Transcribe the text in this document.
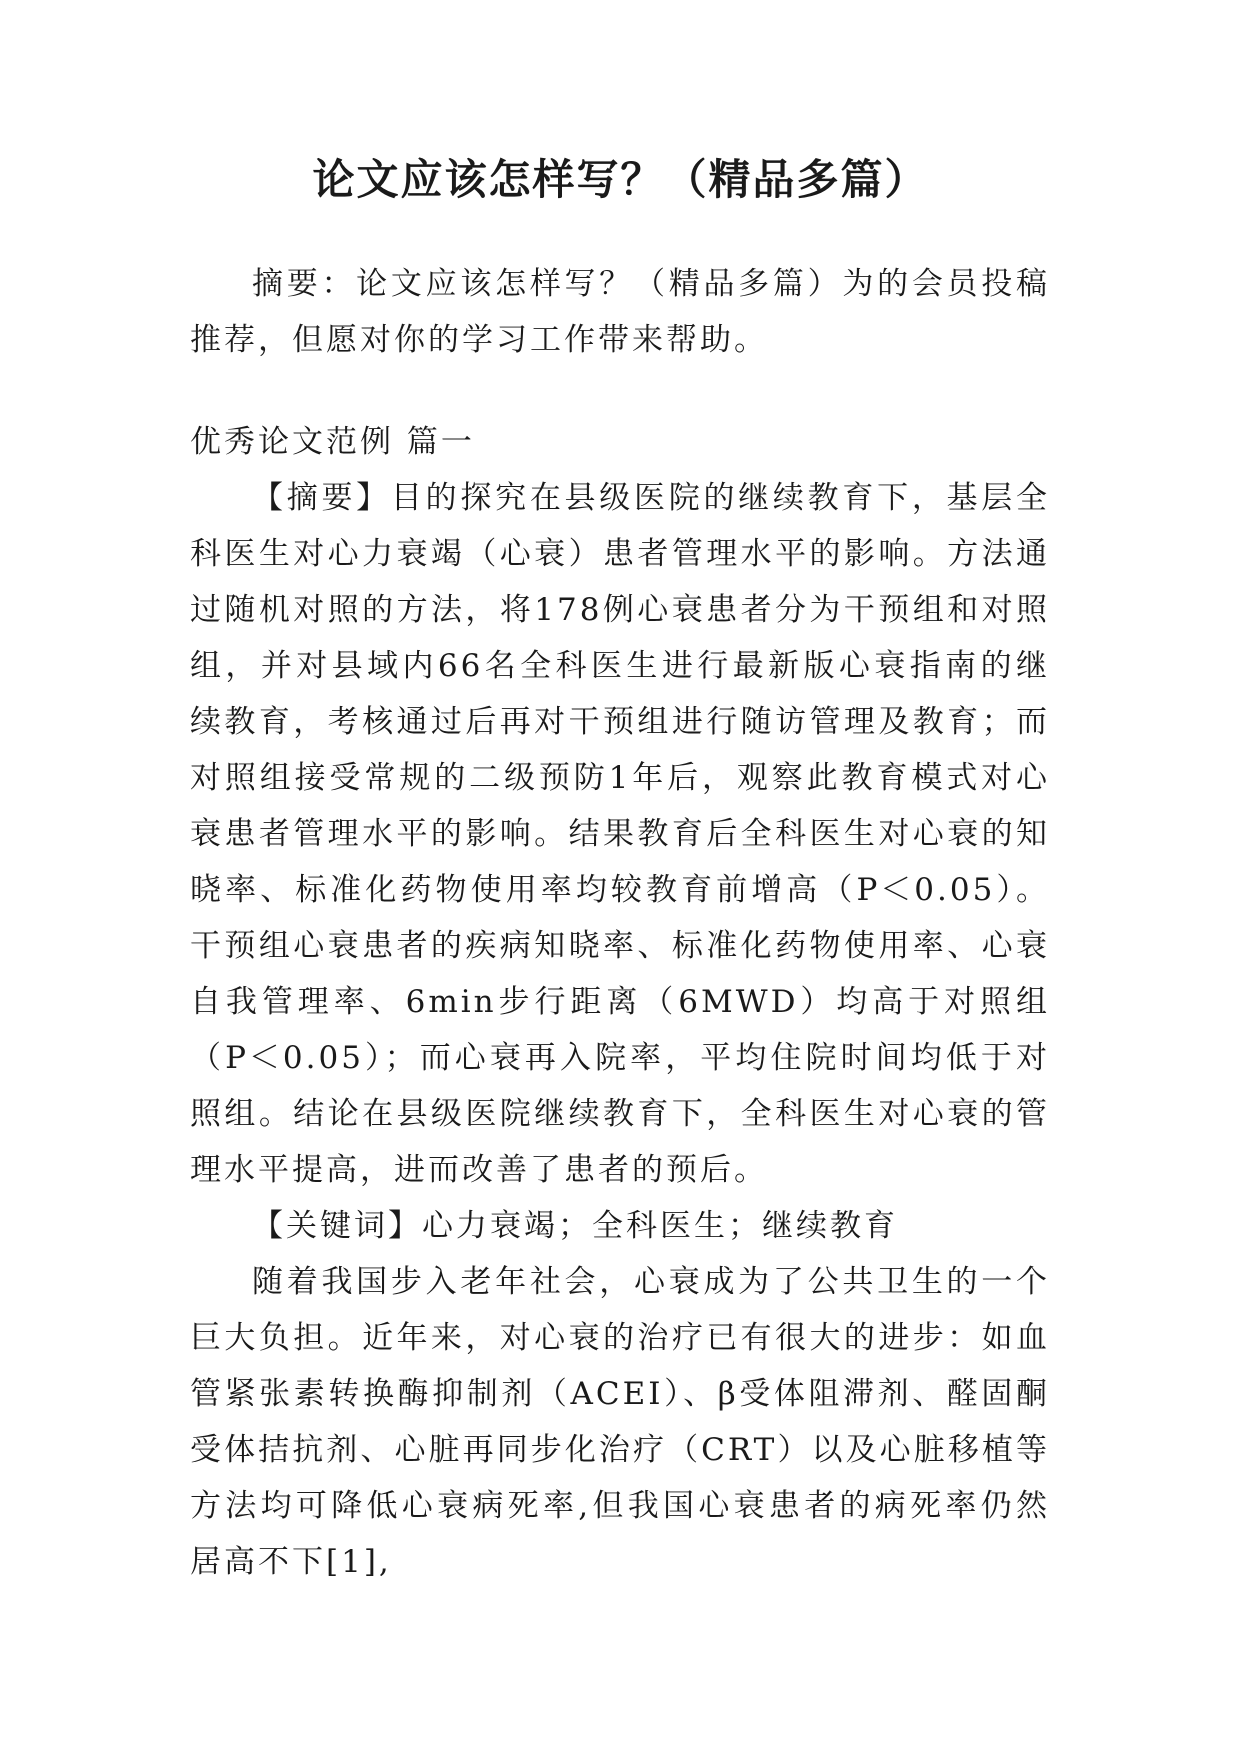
论文应该怎样写？（精品多篇）

摘要：论文应该怎样写？（精品多篇）为的会员投稿推荐，但愿对你的学习工作带来帮助。

优秀论文范例 篇一

【摘要】目的探究在县级医院的继续教育下，基层全科医生对心力衰竭（心衰）患者管理水平的影响。方法通过随机对照的方法，将178例心衰患者分为干预组和对照组，并对县域内66名全科医生进行最新版心衰指南的继续教育，考核通过后再对干预组进行随访管理及教育；而对照组接受常规的二级预防1年后，观察此教育模式对心衰患者管理水平的影响。结果教育后全科医生对心衰的知晓率、标准化药物使用率均较教育前增高（P＜0.05）。干预组心衰患者的疾病知晓率、标准化药物使用率、心衰自我管理率、6min步行距离（6MWD）均高于对照组（P＜0.05）；而心衰再入院率，平均住院时间均低于对照组。结论在县级医院继续教育下，全科医生对心衰的管理水平提高，进而改善了患者的预后。

【关键词】心力衰竭；全科医生；继续教育

随着我国步入老年社会，心衰成为了公共卫生的一个巨大负担。近年来，对心衰的治疗已有很大的进步：如血管紧张素转换酶抑制剂（ACEI）、β受体阻滞剂、醛固酮受体拮抗剂、心脏再同步化治疗（CRT）以及心脏移植等方法均可降低心衰病死率,但我国心衰患者的病死率仍然居高不下[1],
